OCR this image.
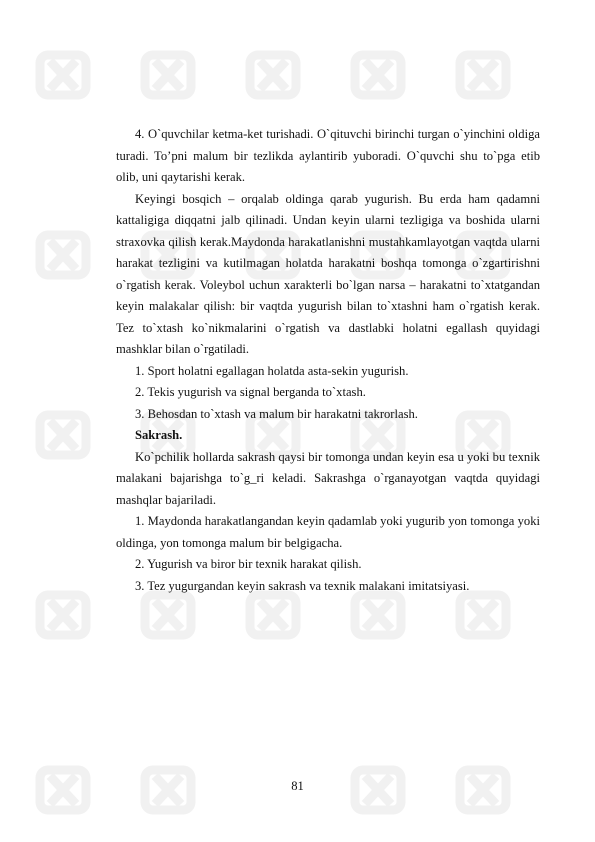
4. O`quvchilar ketma-ket turishadi. O`qituvchi birinchi turgan o`yinchini oldiga turadi. To’pni malum bir tezlikda aylantirib yuboradi. O`quvchi shu to`pga etib olib, uni qaytarishi kerak.

Keyingi bosqich – orqalab oldinga qarab yugurish. Bu erda ham qadamni kattaligiga diqqatni jalb qilinadi. Undan keyin ularni tezligiga va boshida ularni straxovka qilish kerak.Maydonda harakatlanishni mustahkamlayotgan vaqtda ularni harakat tezligini va kutilmagan holatda harakatni boshqa tomonga o`zgartirishni o`rgatish kerak. Voleybol uchun xarakterli bo`lgan narsa – harakatni to`xtatgandan keyin malakalar qilish: bir vaqtda yugurish bilan to`xtashni ham o`rgatish kerak. Tez to`xtash ko`nikmalarini o`rgatish va dastlabki holatni egallash quyidagi mashklar bilan o`rgatiladi.

1. Sport holatni egallagan holatda asta-sekin yugurish.

2. Tekis yugurish va signal berganda to`xtash.

3. Behosdan to`xtash va malum bir harakatni takrorlash.

Sakrash.

Ko`pchilik hollarda sakrash qaysi bir tomonga undan keyin esa u yoki bu texnik malakani bajarishga to`g_ri keladi. Sakrashga o`rganayotgan vaqtda quyidagi mashqlar bajariladi.

1. Maydonda harakatlangandan keyin qadamlab yoki yugurib yon tomonga yoki oldinga, yon tomonga malum bir belgigacha.

2. Yugurish va biror bir texnik harakat qilish.

3. Tez yugurgandan keyin sakrash va texnik malakani imitatsiyasi.

81
